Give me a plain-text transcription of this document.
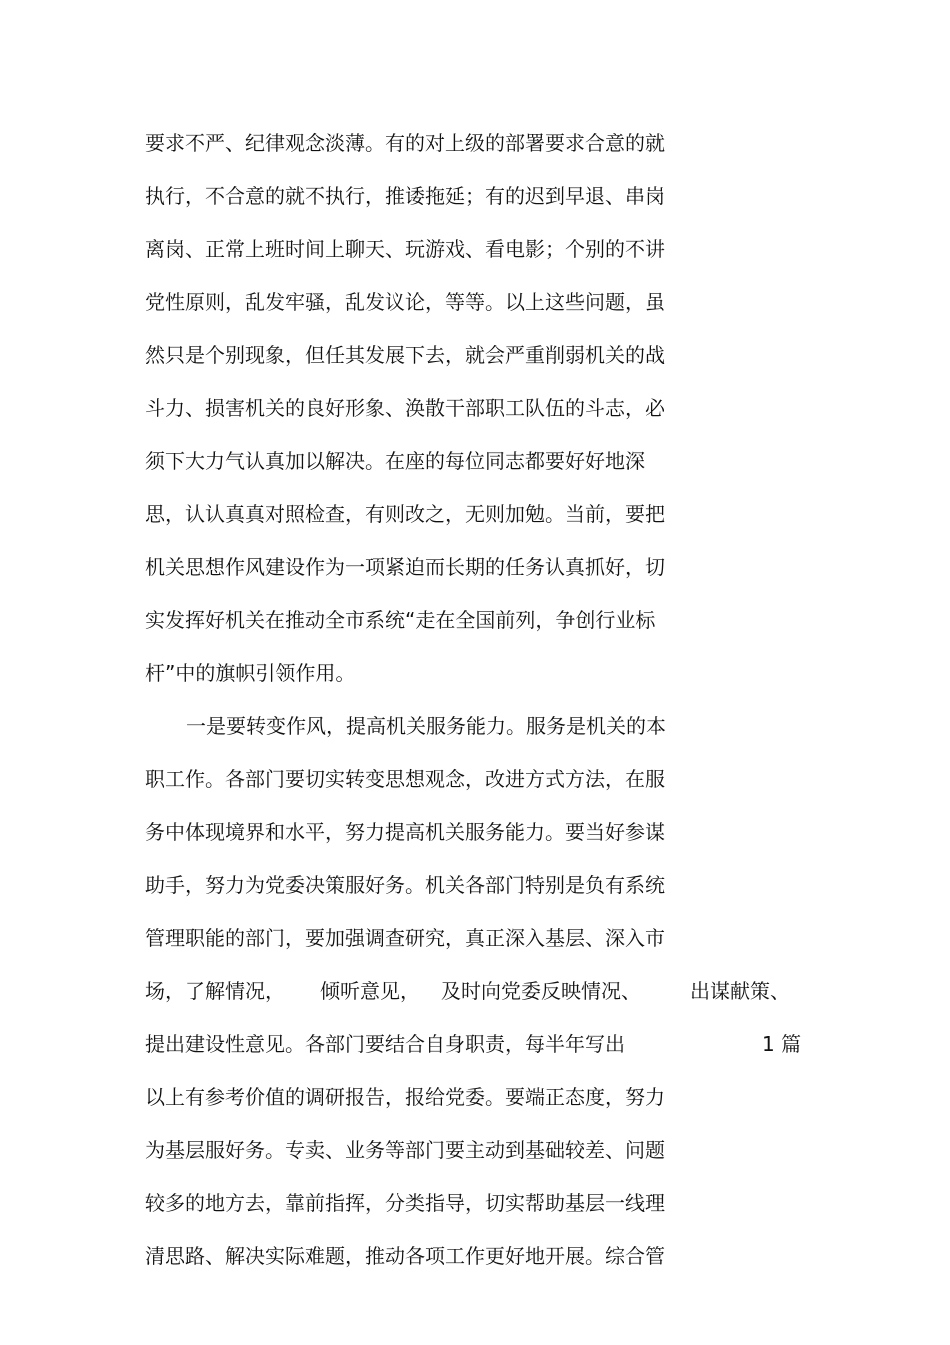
要求不严、纪律观念淡薄。有的对上级的部署要求合意的就
执行，不合意的就不执行，推诿拖延；有的迟到早退、串岗
离岗、正常上班时间上聊天、玩游戏、看电影；个别的不讲
党性原则，乱发牢骚，乱发议论，等等。以上这些问题，虽
然只是个别现象，但任其发展下去，就会严重削弱机关的战
斗力、损害机关的良好形象、涣散干部职工队伍的斗志，必
须下大力气认真加以解决。在座的每位同志都要好好地深
思，认认真真对照检查，有则改之，无则加勉。当前，要把
机关思想作风建设作为一项紧迫而长期的任务认真抓好，切
实发挥好机关在推动全市系统“走在全国前列，争创行业标
杆”中的旗帜引领作用。
一是要转变作风，提高机关服务能力。服务是机关的本
职工作。各部门要切实转变思想观念，改进方式方法，在服
务中体现境界和水平，努力提高机关服务能力。要当好参谋
助手，努力为党委决策服好务。机关各部门特别是负有系统
管理职能的部门，要加强调查研究，真正深入基层、深入市
场，了解情况， 倾听意见， 及时向党委反映情况、 出谋献策、
提出建设性意见。各部门要结合自身职责，每半年写出	1 篇
以上有参考价值的调研报告，报给党委。要端正态度，努力
为基层服好务。专卖、业务等部门要主动到基础较差、问题
较多的地方去，靠前指挥，分类指导，切实帮助基层一线理
清思路、解决实际难题，推动各项工作更好地开展。综合管
